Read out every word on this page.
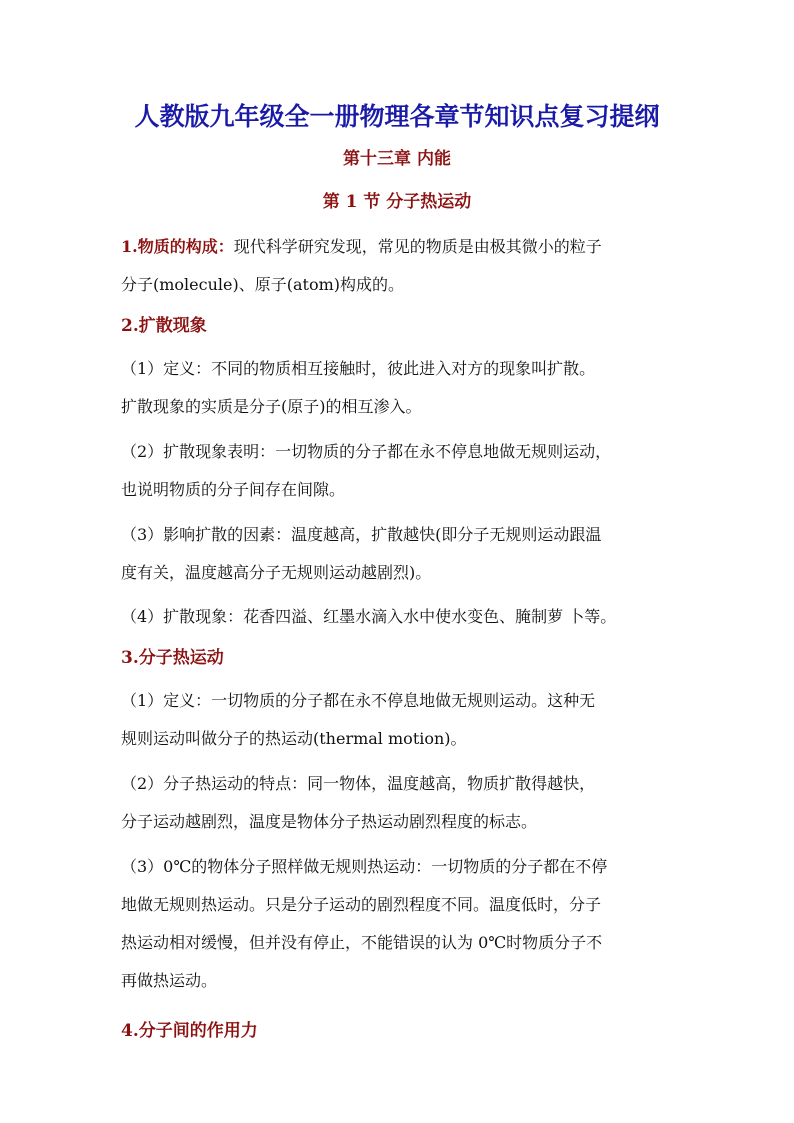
人教版九年级全一册物理各章节知识点复习提纲
第十三章 内能
第 1 节 分子热运动

1.物质的构成：现代科学研究发现，常见的物质是由极其微小的粒子
分子(molecule)、原子(atom)构成的。

2.扩散现象

（1）定义：不同的物质相互接触时，彼此进入对方的现象叫扩散。
扩散现象的实质是分子(原子)的相互渗入。

（2）扩散现象表明：一切物质的分子都在永不停息地做无规则运动，
也说明物质的分子间存在间隙。

（3）影响扩散的因素：温度越高，扩散越快(即分子无规则运动跟温
度有关，温度越高分子无规则运动越剧烈)。

（4）扩散现象：花香四溢、红墨水滴入水中使水变色、腌制萝 卜等。

3.分子热运动

（1）定义：一切物质的分子都在永不停息地做无规则运动。这种无
规则运动叫做分子的热运动(thermal motion)。

（2）分子热运动的特点：同一物体，温度越高，物质扩散得越快，
分子运动越剧烈，温度是物体分子热运动剧烈程度的标志。

（3）0℃的物体分子照样做无规则热运动：一切物质的分子都在不停
地做无规则热运动。只是分子运动的剧烈程度不同。温度低时，分子
热运动相对缓慢，但并没有停止，不能错误的认为 0℃时物质分子不
再做热运动。

4.分子间的作用力
